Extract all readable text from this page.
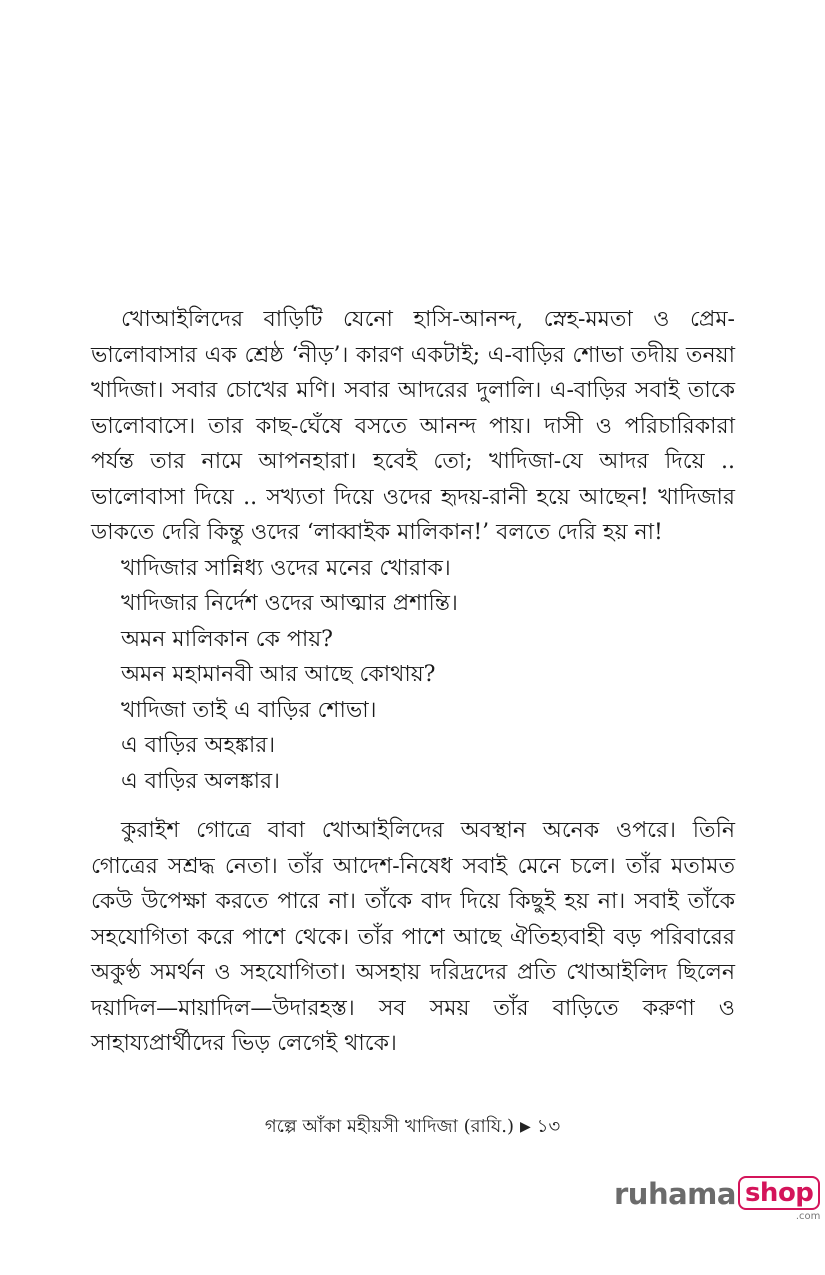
খোআইলিদের বাড়িটি যেনো হাসি-আনন্দ, স্নেহ-মমতা ও প্রেম-ভালোবাসার এক শ্রেষ্ঠ ‘নীড়’। কারণ একটাই; এ-বাড়ির শোভা তদীয় তনয়া খাদিজা। সবার চোখের মণি। সবার আদরের দুলালি। এ-বাড়ির সবাই তাকে ভালোবাসে। তার কাছ-ঘেঁষে বসতে আনন্দ পায়। দাসী ও পরিচারিকারা পর্যন্ত তার নামে আপনহারা। হবেই তো; খাদিজা-যে আদর দিয়ে .. ভালোবাসা দিয়ে .. সখ্যতা দিয়ে ওদের হৃদয়-রানী হয়ে আছেন! খাদিজার ডাকতে দেরি কিন্তু ওদের ‘লাব্বাইক মালিকান!’ বলতে দেরি হয় না!

খাদিজার সান্নিধ্য ওদের মনের খোরাক।
খাদিজার নির্দেশ ওদের আত্মার প্রশান্তি।
অমন মালিকান কে পায়?
অমন মহামানবী আর আছে কোথায়?
খাদিজা তাই এ বাড়ির শোভা।
এ বাড়ির অহঙ্কার।
এ বাড়ির অলঙ্কার।

কুরাইশ গোত্রে বাবা খোআইলিদের অবস্থান অনেক ওপরে। তিনি গোত্রের সশ্রদ্ধ নেতা। তাঁর আদেশ-নিষেধ সবাই মেনে চলে। তাঁর মতামত কেউ উপেক্ষা করতে পারে না। তাঁকে বাদ দিয়ে কিছুই হয় না। সবাই তাঁকে সহযোগিতা করে পাশে থেকে। তাঁর পাশে আছে ঐতিহ্যবাহী বড় পরিবারের অকুণ্ঠ সমর্থন ও সহযোগিতা। অসহায় দরিদ্রদের প্রতি খোআইলিদ ছিলেন দয়াদিল—মায়াদিল—উদারহস্ত। সব সময় তাঁর বাড়িতে করুণা ও সাহায্যপ্রার্থীদের ভিড় লেগেই থাকে।

গল্পে আঁকা মহীয়সী খাদিজা (রাযি.) ▶ ১৩
ruhama shop
.com
